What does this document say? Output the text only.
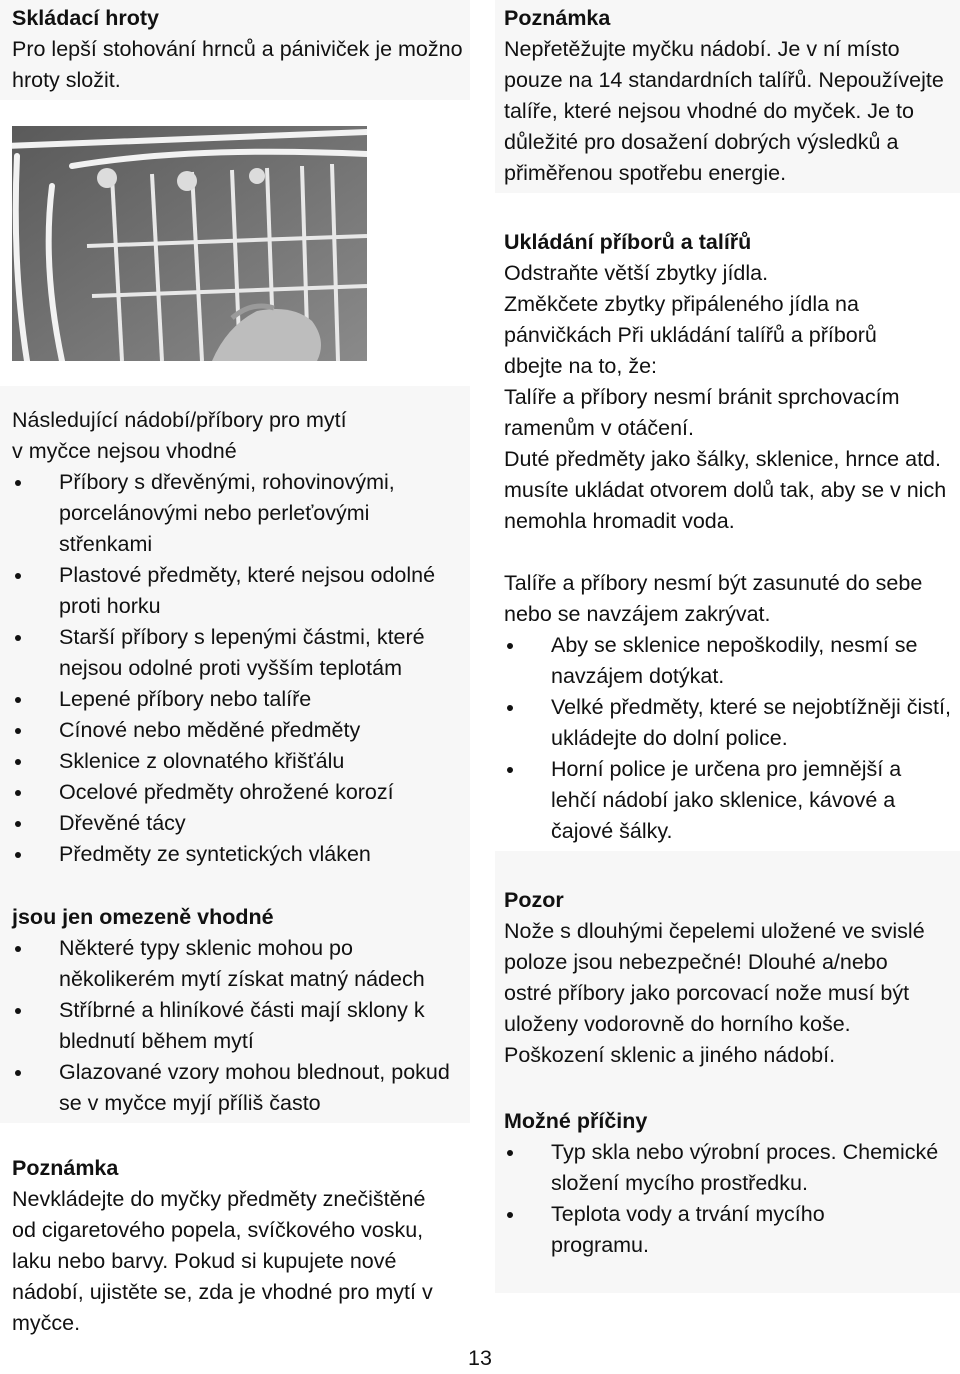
Skládací hroty

Pro lepší stohování hrnců a pániviček je možno hroty složit.

Následující nádobí/příbory pro mytí
v myčce nejsou vhodné
Příbory s dřevěnými, rohovinovými, porcelánovými nebo perleťovými střenkami
Plastové předměty, které nejsou odolné proti horku
Starší příbory s lepenými částmi, které nejsou odolné proti vyšším teplotám
Lepené příbory nebo talíře
Cínové nebo měděné předměty
Sklenice z olovnatého křišťálu
Ocelové předměty ohrožené korozí
Dřevěné tácy
Předměty ze syntetických vláken
jsou jen omezeně vhodné
Některé typy sklenic mohou po několikerém mytí získat matný nádech
Stříbrné a hliníkové části mají sklony k blednutí během mytí
Glazované vzory mohou blednout, pokud se v myčce myjí příliš často
Poznámka

Nevkládejte do myčky předměty znečištěné od cigaretového popela, svíčkového vosku, laku nebo barvy. Pokud si kupujete nové nádobí, ujistěte se, zda je vhodné pro mytí v myčce.

Poznámka

Nepřetěžujte myčku nádobí. Je v ní místo pouze na 14 standardních talířů. Nepoužívejte talíře, které nejsou vhodné do myček. Je to důležité pro dosažení dobrých výsledků a přiměřenou spotřebu energie.

Ukládání příborů a talířů

Odstraňte větší zbytky jídla.

Změkčete zbytky připáleného jídla na pánvičkách Při ukládání talířů a příborů dbejte na to, že:

Talíře a příbory nesmí bránit sprchovacím ramenům v otáčení.

Duté předměty jako šálky, sklenice, hrnce atd. musíte ukládat otvorem dolů tak, aby se v nich nemohla hromadit voda.

Talíře a příbory nesmí být zasunuté do sebe nebo se navzájem zakrývat.

Aby se sklenice nepoškodily, nesmí se navzájem dotýkat.
Velké předměty, které se nejobtížněji čistí, ukládejte do dolní police.
Horní police je určena pro jemnější a lehčí nádobí jako sklenice, kávové a čajové šálky.
Pozor

Nože s dlouhými čepelemi uložené ve svislé poloze jsou nebezpečné! Dlouhé a/nebo ostré příbory jako porcovací nože musí být uloženy vodorovně do horního koše.

Poškození sklenic a jiného nádobí.

Možné příčiny
Typ skla nebo výrobní proces. Chemické složení mycího prostředku.
Teplota vody a trvání mycího programu.
13
